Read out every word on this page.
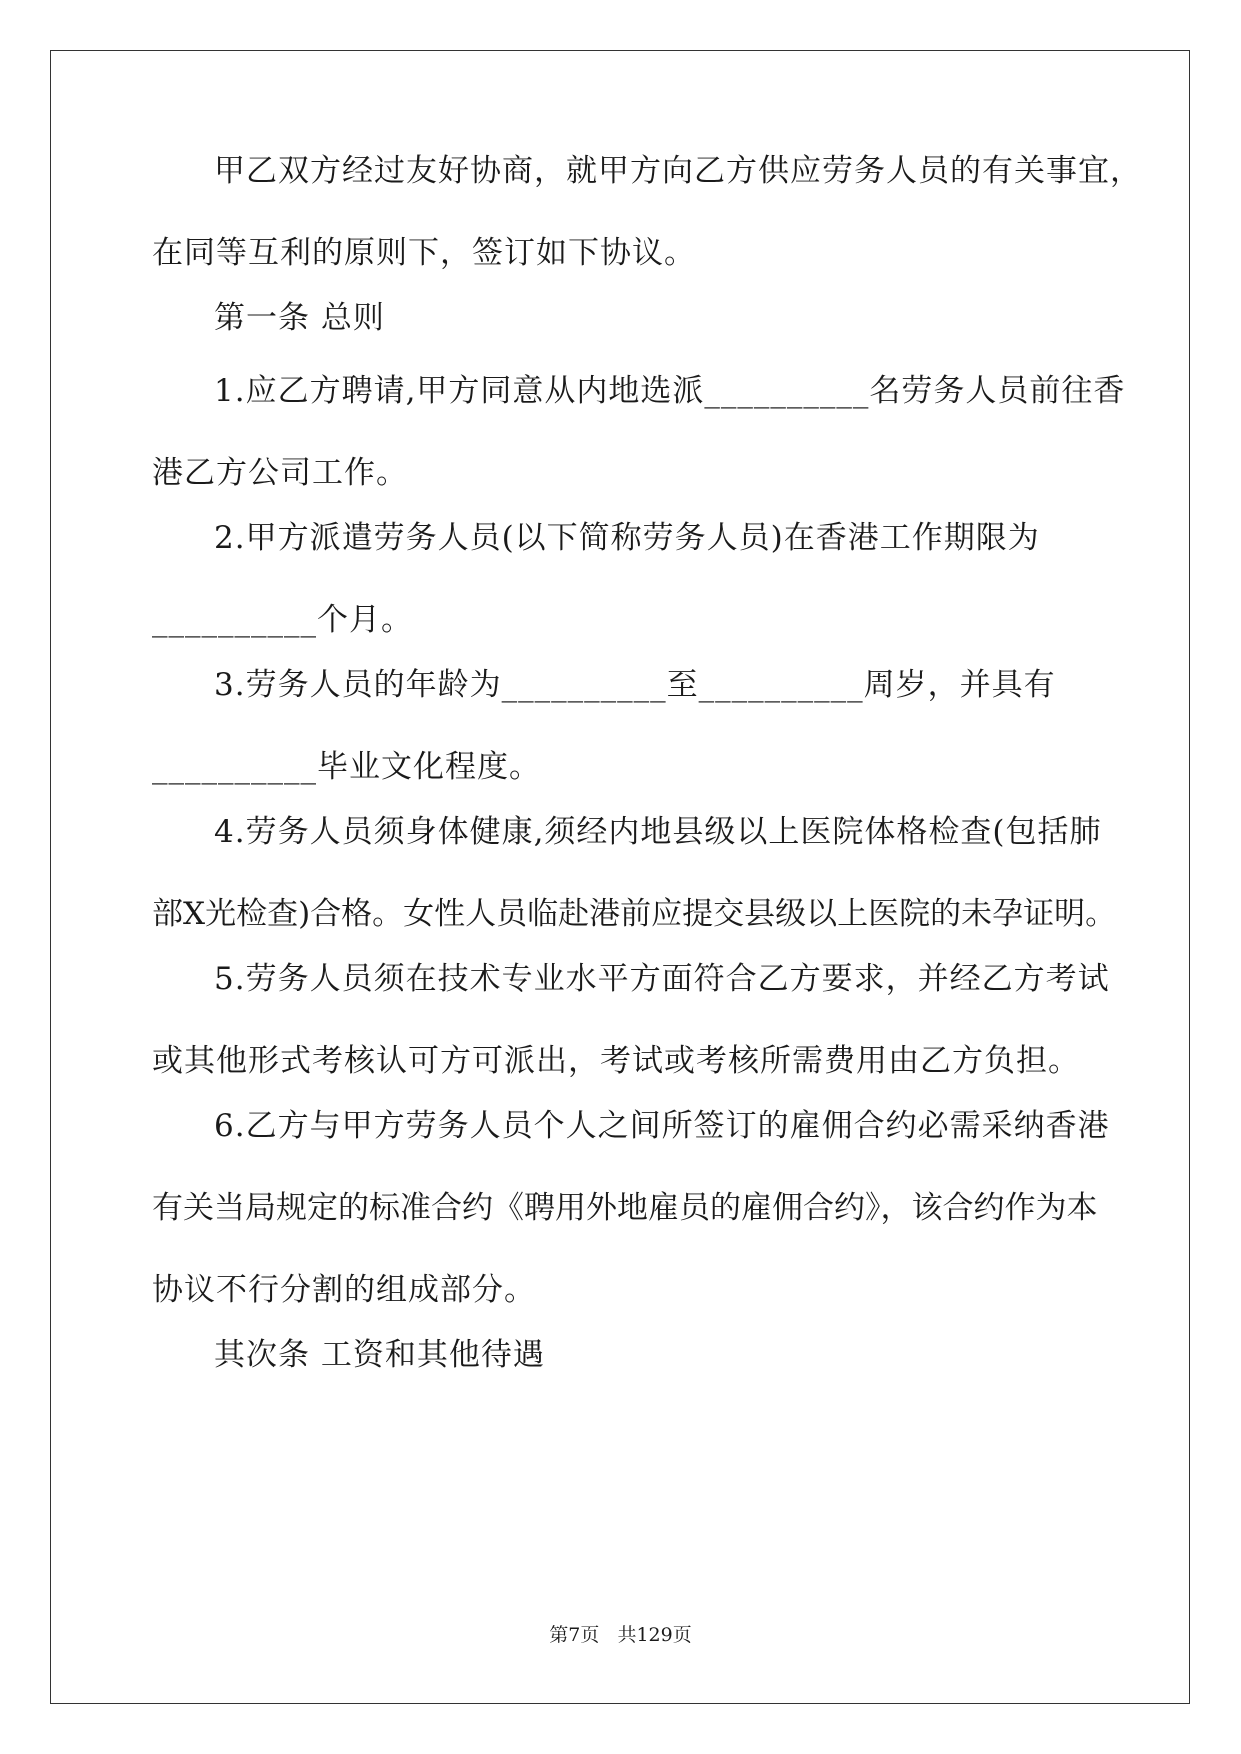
甲乙双方经过友好协商，就甲方向乙方供应劳务人员的有关事宜，
在同等互利的原则下，签订如下协议。
第一条 总则
1.应乙方聘请,甲方同意从内地选派__________名劳务人员前往香
港乙方公司工作。
2.甲方派遣劳务人员(以下简称劳务人员)在香港工作期限为
__________个月。
3.劳务人员的年龄为__________至__________周岁，并具有
__________毕业文化程度。
4.劳务人员须身体健康,须经内地县级以上医院体格检查(包括肺
部X光检查)合格。女性人员临赴港前应提交县级以上医院的未孕证明。
5.劳务人员须在技术专业水平方面符合乙方要求，并经乙方考试
或其他形式考核认可方可派出，考试或考核所需费用由乙方负担。
6.乙方与甲方劳务人员个人之间所签订的雇佣合约必需采纳香港
有关当局规定的标准合约《聘用外地雇员的雇佣合约》，该合约作为本
协议不行分割的组成部分。
其次条 工资和其他待遇
第7页 共129页
